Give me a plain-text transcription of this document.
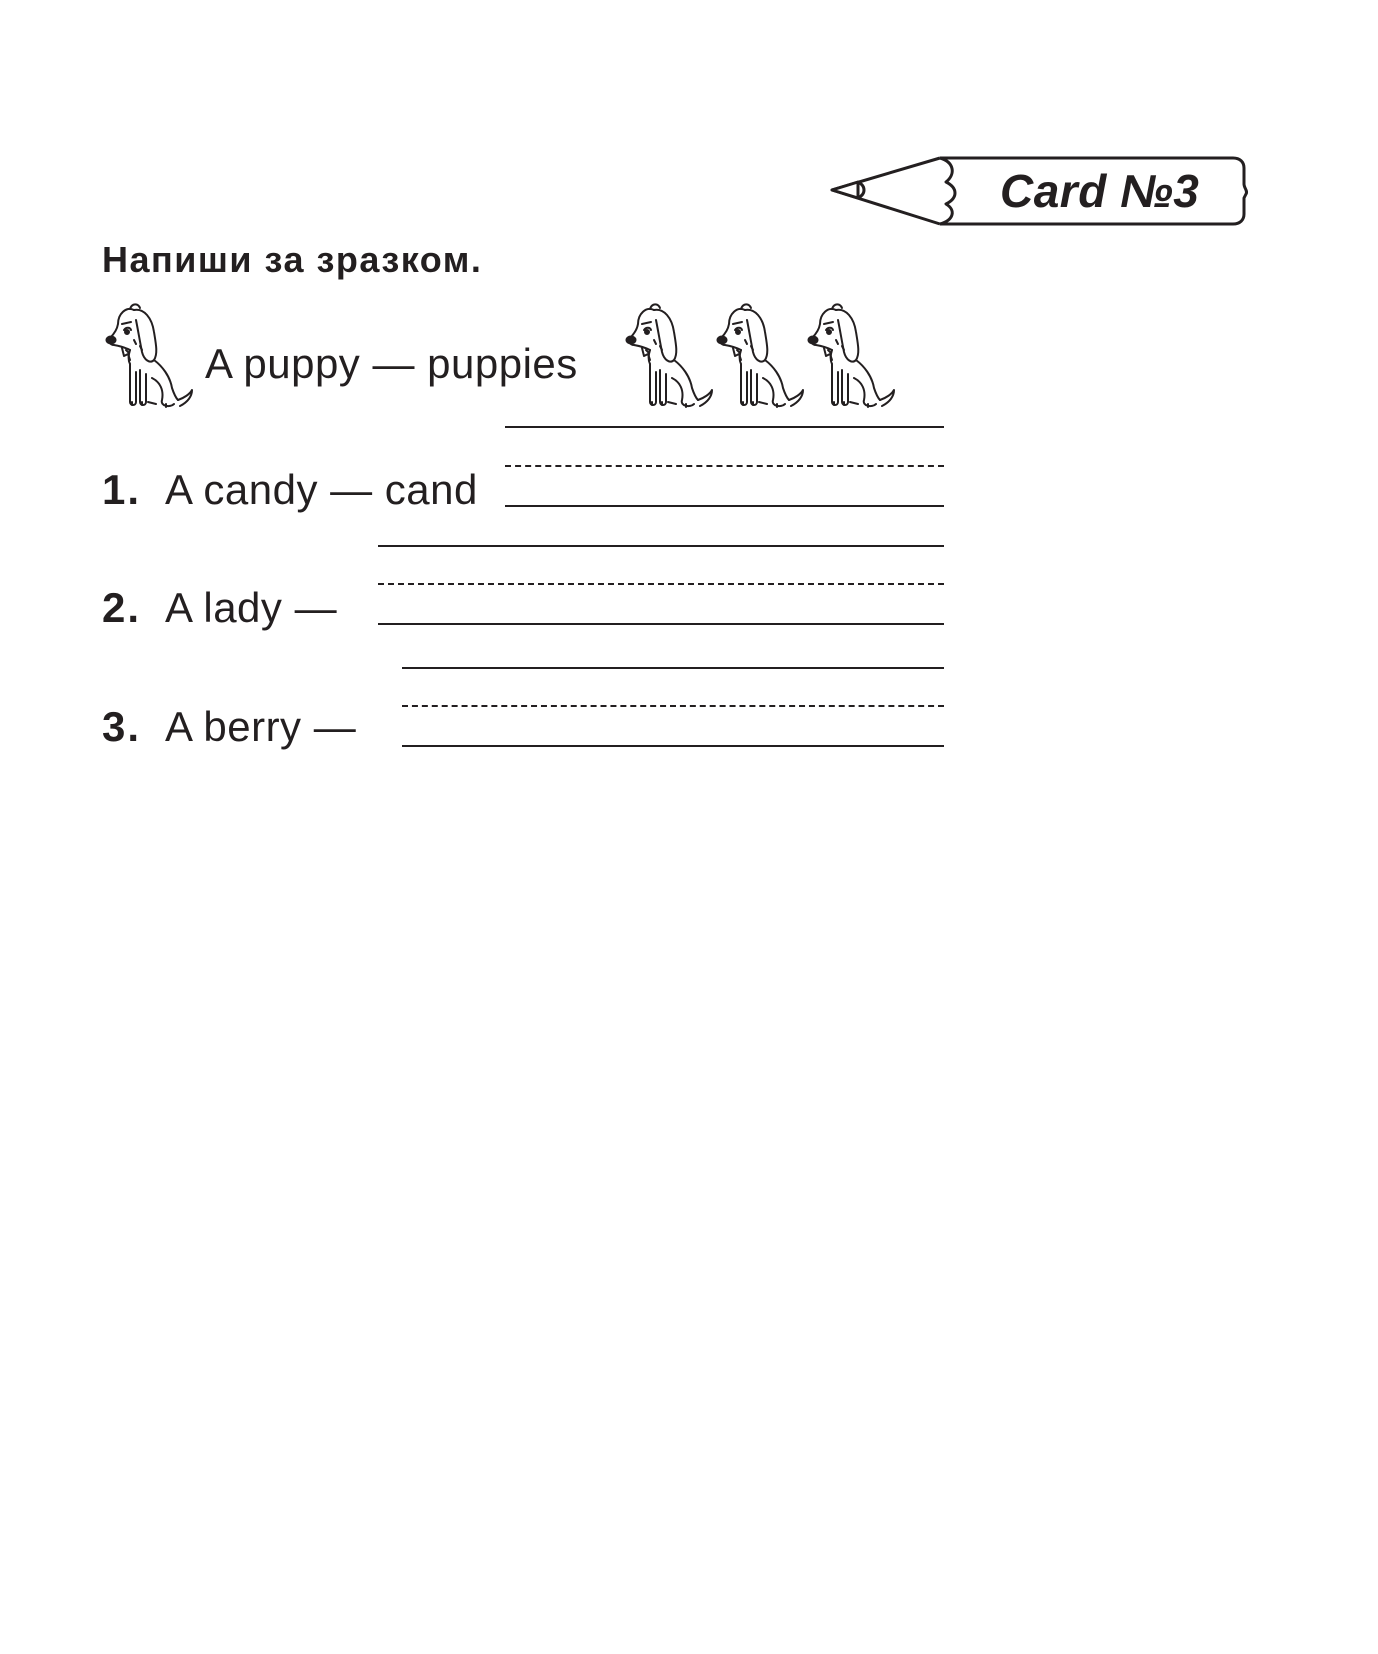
Card №3
Напиши за зразком.
A puppy — puppies
1. A candy — cand
2. A lady —
3. A berry —
